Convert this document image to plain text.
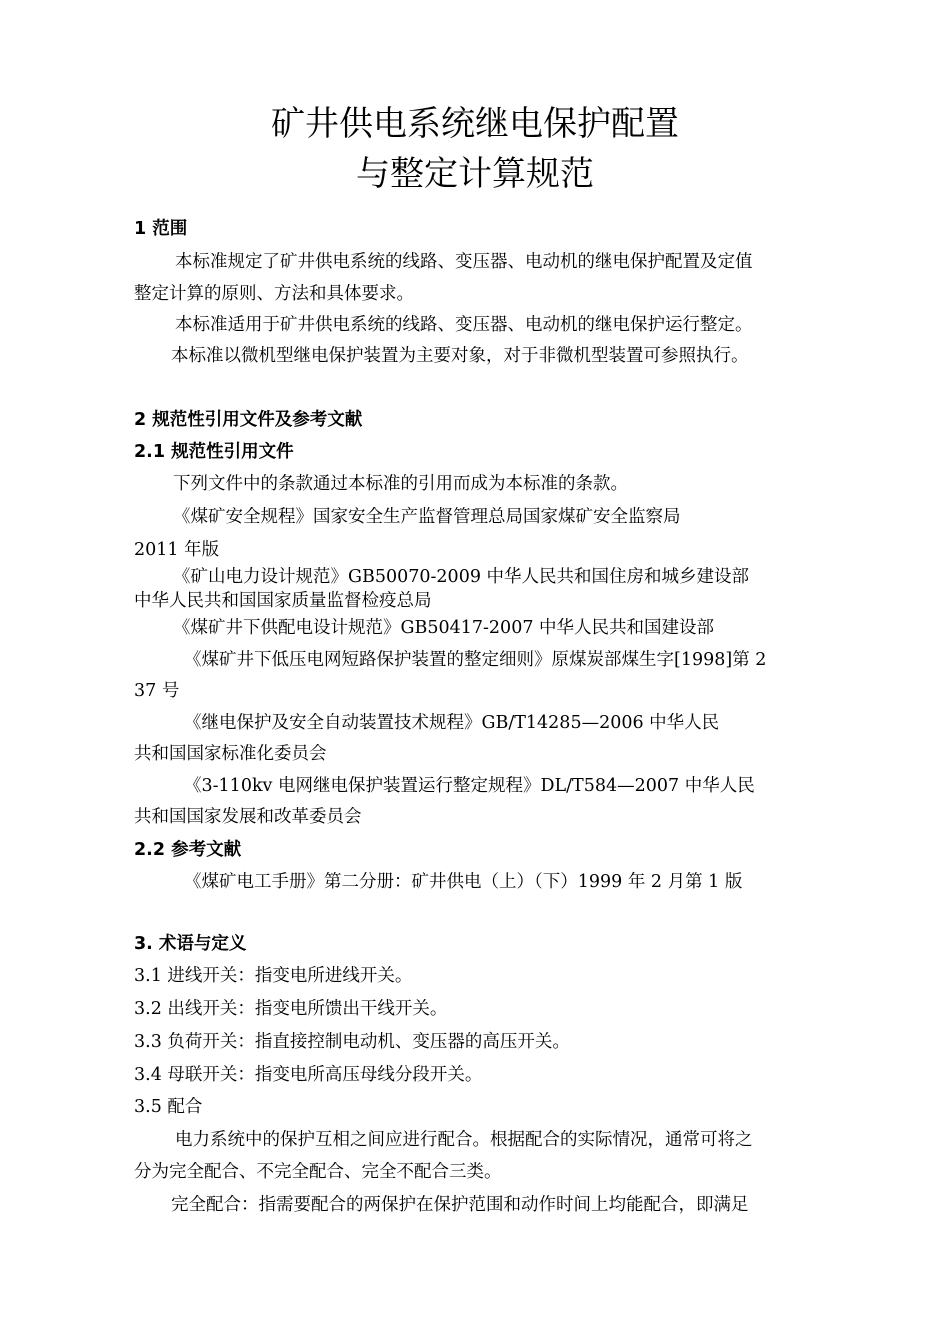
矿井供电系统继电保护配置
与整定计算规范
1 范围
本标准规定了矿井供电系统的线路、变压器、电动机的继电保护配置及定值
整定计算的原则、方法和具体要求。
本标准适用于矿井供电系统的线路、变压器、电动机的继电保护运行整定。
本标准以微机型继电保护装置为主要对象，对于非微机型装置可参照执行。
2 规范性引用文件及参考文献
2.1 规范性引用文件
下列文件中的条款通过本标准的引用而成为本标准的条款。
《煤矿安全规程》国家安全生产监督管理总局国家煤矿安全监察局
2011 年版
《矿山电力设计规范》GB50070-2009 中华人民共和国住房和城乡建设部
中华人民共和国国家质量监督检疫总局
《煤矿井下供配电设计规范》GB50417-2007 中华人民共和国建设部
《煤矿井下低压电网短路保护装置的整定细则》原煤炭部煤生字[1998]第 2
37 号
《继电保护及安全自动装置技术规程》GB/T14285—2006 中华人民
共和国国家标准化委员会
《3-110kv 电网继电保护装置运行整定规程》DL/T584—2007 中华人民
共和国国家发展和改革委员会
2.2 参考文献
《煤矿电工手册》第二分册：矿井供电（上）（下）1999 年 2 月第 1 版
3. 术语与定义
3.1 进线开关：指变电所进线开关。
3.2 出线开关：指变电所馈出干线开关。
3.3 负荷开关：指直接控制电动机、变压器的高压开关。
3.4 母联开关：指变电所高压母线分段开关。
3.5 配合
电力系统中的保护互相之间应进行配合。根据配合的实际情况，通常可将之
分为完全配合、不完全配合、完全不配合三类。
完全配合：指需要配合的两保护在保护范围和动作时间上均能配合，即满足
